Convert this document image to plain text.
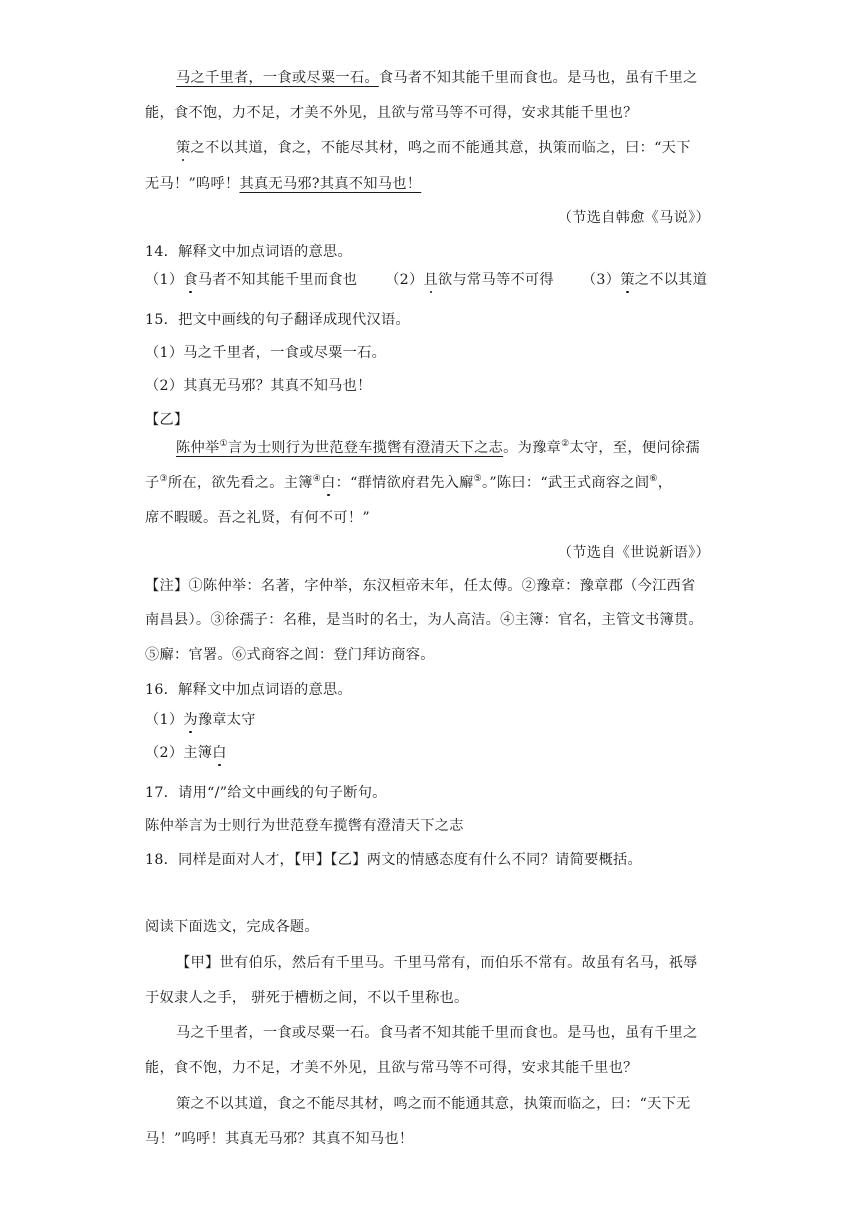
马之千里者，一食或尽粟一石。食马者不知其能千里而食也。是马也，虽有千里之
能，食不饱，力不足，才美不外见，且欲与常马等不可得，安求其能千里也？
策之不以其道，食之，不能尽其材，鸣之而不能通其意，执策而临之，曰：“天下
无马！”呜呼！其真无马邪?其真不知马也！
（节选自韩愈《马说》）
14．解释文中加点词语的意思。
（1）食马者不知其能千里而食也 （2）且欲与常马等不可得 （3）策之不以其道
15．把文中画线的句子翻译成现代汉语。
（1）马之千里者，一食或尽粟一石。
（2）其真无马邪？其真不知马也！
【乙】
陈仲举①言为士则行为世范登车揽辔有澄清天下之志。为豫章②太守，至，便问徐孺
子③所在，欲先看之。主簿④白：“群情欲府君先入廨⑤。”陈曰：“武王式商容之闾⑥，
席不暇暖。吾之礼贤，有何不可！”
（节选自《世说新语》）
【注】①陈仲举：名著，字仲举，东汉桓帝末年，任太傅。②豫章：豫章郡（今江西省
南昌县）。③徐孺子：名稚，是当时的名士，为人高洁。④主簿：官名，主管文书簿贯。
⑤廨：官署。⑥式商容之闾：登门拜访商容。
16．解释文中加点词语的意思。
（1）为豫章太守
（2）主簿白
17．请用“/”给文中画线的句子断句。
陈仲举言为士则行为世范登车揽辔有澄清天下之志
18．同样是面对人才，【甲】【乙】两文的情感态度有什么不同？请简要概括。
阅读下面选文，完成各题。
【甲】世有伯乐，然后有千里马。千里马常有，而伯乐不常有。故虽有名马，祇辱
于奴隶人之手， 骈死于槽枥之间，不以千里称也。
马之千里者，一食或尽粟一石。食马者不知其能千里而食也。是马也，虽有千里之
能，食不饱，力不足，才美不外见，且欲与常马等不可得，安求其能千里也？
策之不以其道，食之不能尽其材，鸣之而不能通其意，执策而临之，曰：“天下无
马！”呜呼！其真无马邪？其真不知马也！
